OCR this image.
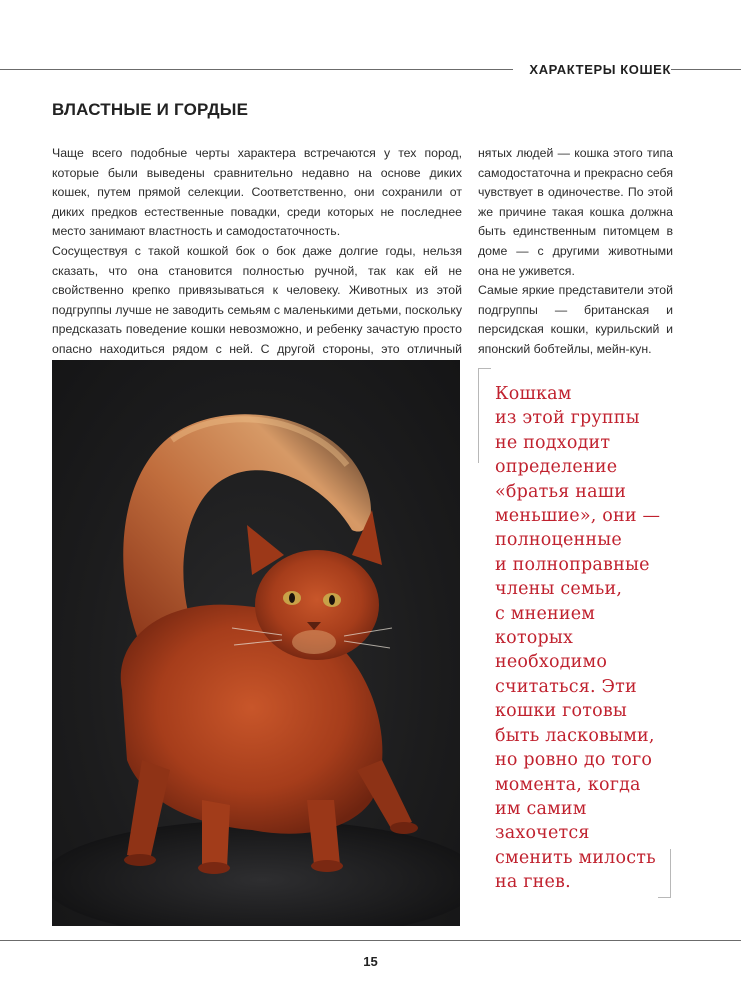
ХАРАКТЕРЫ КОШЕК
ВЛАСТНЫЕ И ГОРДЫЕ

Чаще всего подобные черты характера встречаются у тех пород, которые были выведены сравнительно недавно на основе диких кошек, путем прямой селекции. Соответственно, они сохранили от диких предков естественные повадки, среди которых не последнее место занимают властность и самодостаточность.

Сосуществуя с такой кошкой бок о бок даже долгие годы, нельзя сказать, что она становится полностью ручной, так как ей не свойственно крепко привязываться к человеку. Животных из этой подгруппы лучше не заводить семьям с маленькими детьми, поскольку предсказать поведение кошки невозможно, и ребенку зачастую просто опасно находиться рядом с ней. С другой стороны, это отличный

нятых людей — кошка этого типа самодостаточна и прекрасно себя чувствует в одиночестве. По этой же причине такая кошка должна быть единственным питомцем в доме — с другими животными она не уживется.

Самые яркие представители этой подгруппы — британская и персидская кошки, курильский и японский бобтейлы, мейн-кун.

Кошкам
из этой группы
не подходит
определение
«братья наши
меньшие», они —
полноценные
и полноправные
члены семьи,
с мнением
которых
необходимо
считаться. Эти
кошки готовы
быть ласковыми,
но ровно до того
момента, когда
им самим
захочется
сменить милость
на гнев.
15
